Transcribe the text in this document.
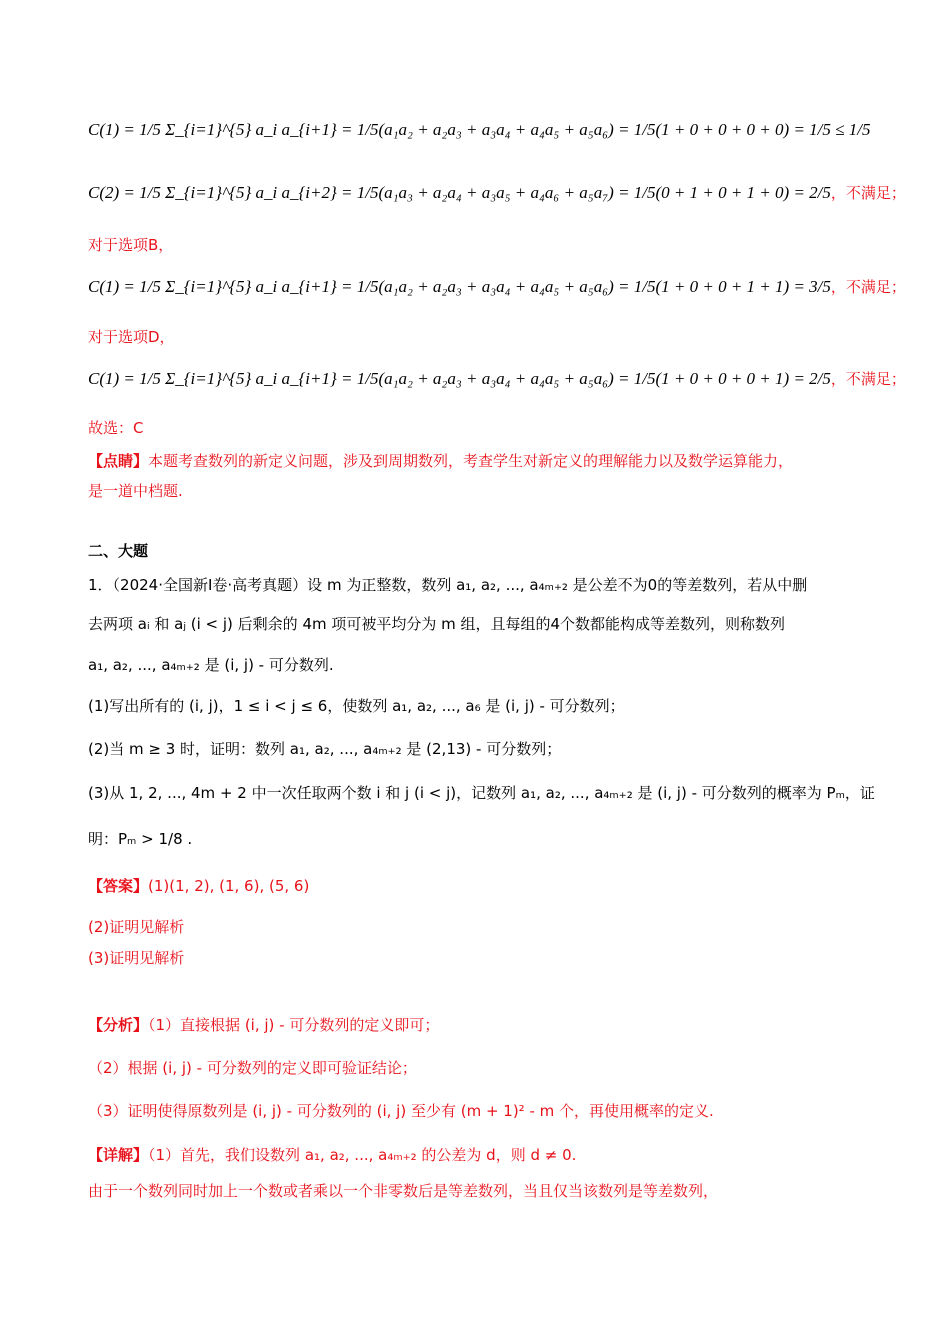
C(1) = 1/5 Σ_{i=1}^{5} a_i a_{i+1} = 1/5(a₁a₂ + a₂a₃ + a₃a₄ + a₄a₅ + a₅a₆) = 1/5(1 + 0 + 0 + 0 + 0) = 1/5 ≤ 1/5
C(2) = 1/5 Σ_{i=1}^{5} a_i a_{i+2} = 1/5(a₁a₃ + a₂a₄ + a₃a₅ + a₄a₆ + a₅a₇) = 1/5(0 + 1 + 0 + 1 + 0) = 2/5，不满足；
对于选项B，
C(1) = 1/5 Σ_{i=1}^{5} a_i a_{i+1} = 1/5(a₁a₂ + a₂a₃ + a₃a₄ + a₄a₅ + a₅a₆) = 1/5(1 + 0 + 0 + 1 + 1) = 3/5，不满足；
对于选项D，
C(1) = 1/5 Σ_{i=1}^{5} a_i a_{i+1} = 1/5(a₁a₂ + a₂a₃ + a₃a₄ + a₄a₅ + a₅a₆) = 1/5(1 + 0 + 0 + 0 + 1) = 2/5，不满足；
故选：C
【点睛】本题考查数列的新定义问题，涉及到周期数列，考查学生对新定义的理解能力以及数学运算能力，
是一道中档题.
二、大题
1．（2024·全国新Ⅰ卷·高考真题）设 m 为正整数，数列 a₁, a₂, ..., a₄ₘ₊₂ 是公差不为0的等差数列，若从中删
去两项 aᵢ 和 aⱼ (i < j) 后剩余的 4m 项可被平均分为 m 组，且每组的4个数都能构成等差数列，则称数列
a₁, a₂, ..., a₄ₘ₊₂ 是 (i, j) - 可分数列.
(1)写出所有的 (i, j)，1 ≤ i < j ≤ 6，使数列 a₁, a₂, ..., a₆ 是 (i, j) - 可分数列；
(2)当 m ≥ 3 时，证明：数列 a₁, a₂, ..., a₄ₘ₊₂ 是 (2,13) - 可分数列；
(3)从 1, 2, ..., 4m + 2 中一次任取两个数 i 和 j (i < j)，记数列 a₁, a₂, ..., a₄ₘ₊₂ 是 (i, j) - 可分数列的概率为 Pₘ，证
明：Pₘ > 1/8 .
【答案】(1)(1, 2), (1, 6), (5, 6)
(2)证明见解析
(3)证明见解析
【分析】（1）直接根据 (i, j) - 可分数列的定义即可；
（2）根据 (i, j) - 可分数列的定义即可验证结论；
（3）证明使得原数列是 (i, j) - 可分数列的 (i, j) 至少有 (m + 1)² - m 个，再使用概率的定义.
【详解】（1）首先，我们设数列 a₁, a₂, ..., a₄ₘ₊₂ 的公差为 d，则 d ≠ 0.
由于一个数列同时加上一个数或者乘以一个非零数后是等差数列，当且仅当该数列是等差数列，
